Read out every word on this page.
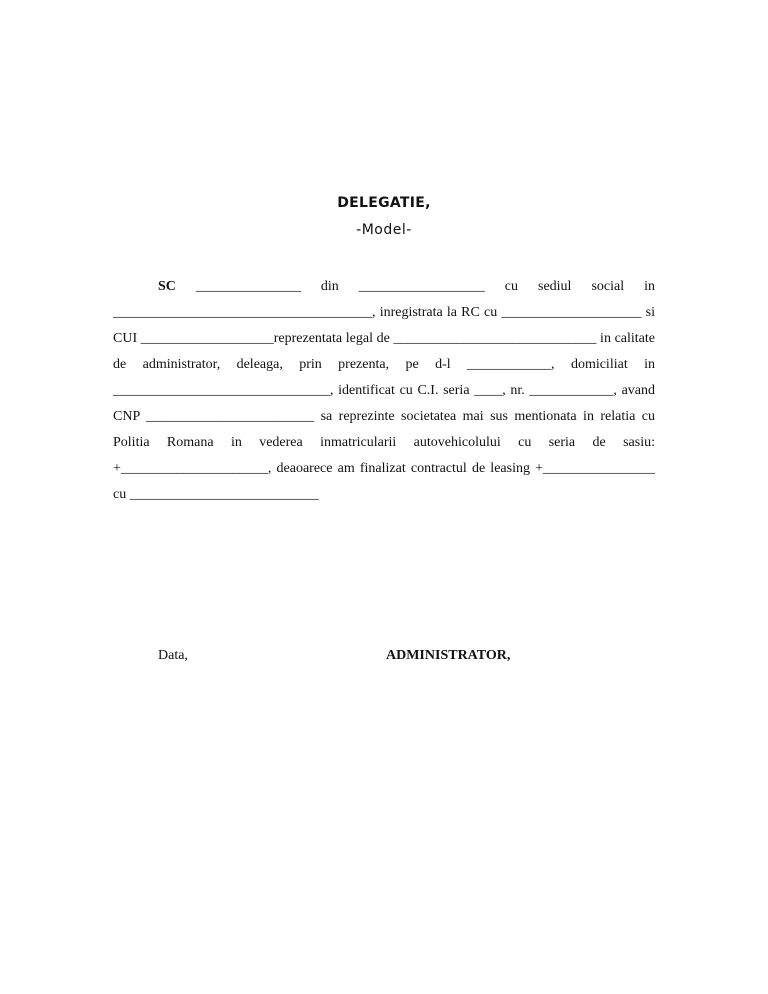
DELEGATIE,
-Model-

SC _______________ din __________________ cu sediul social in _____________________________________, inregistrata la RC cu ____________________ si CUI ___________________reprezentata legal de _____________________________ in calitate de administrator, deleaga, prin prezenta, pe d-l ____________, domiciliat in _______________________________, identificat cu C.I. seria ____, nr. ____________, avand CNP ________________________ sa reprezinte societatea mai sus mentionata in relatia cu Politia Romana in vederea inmatricularii autovehicolului cu seria de sasiu: +_____________________, deaoarece am finalizat contractul de leasing +________________ cu ___________________________

Data,	ADMINISTRATOR,
